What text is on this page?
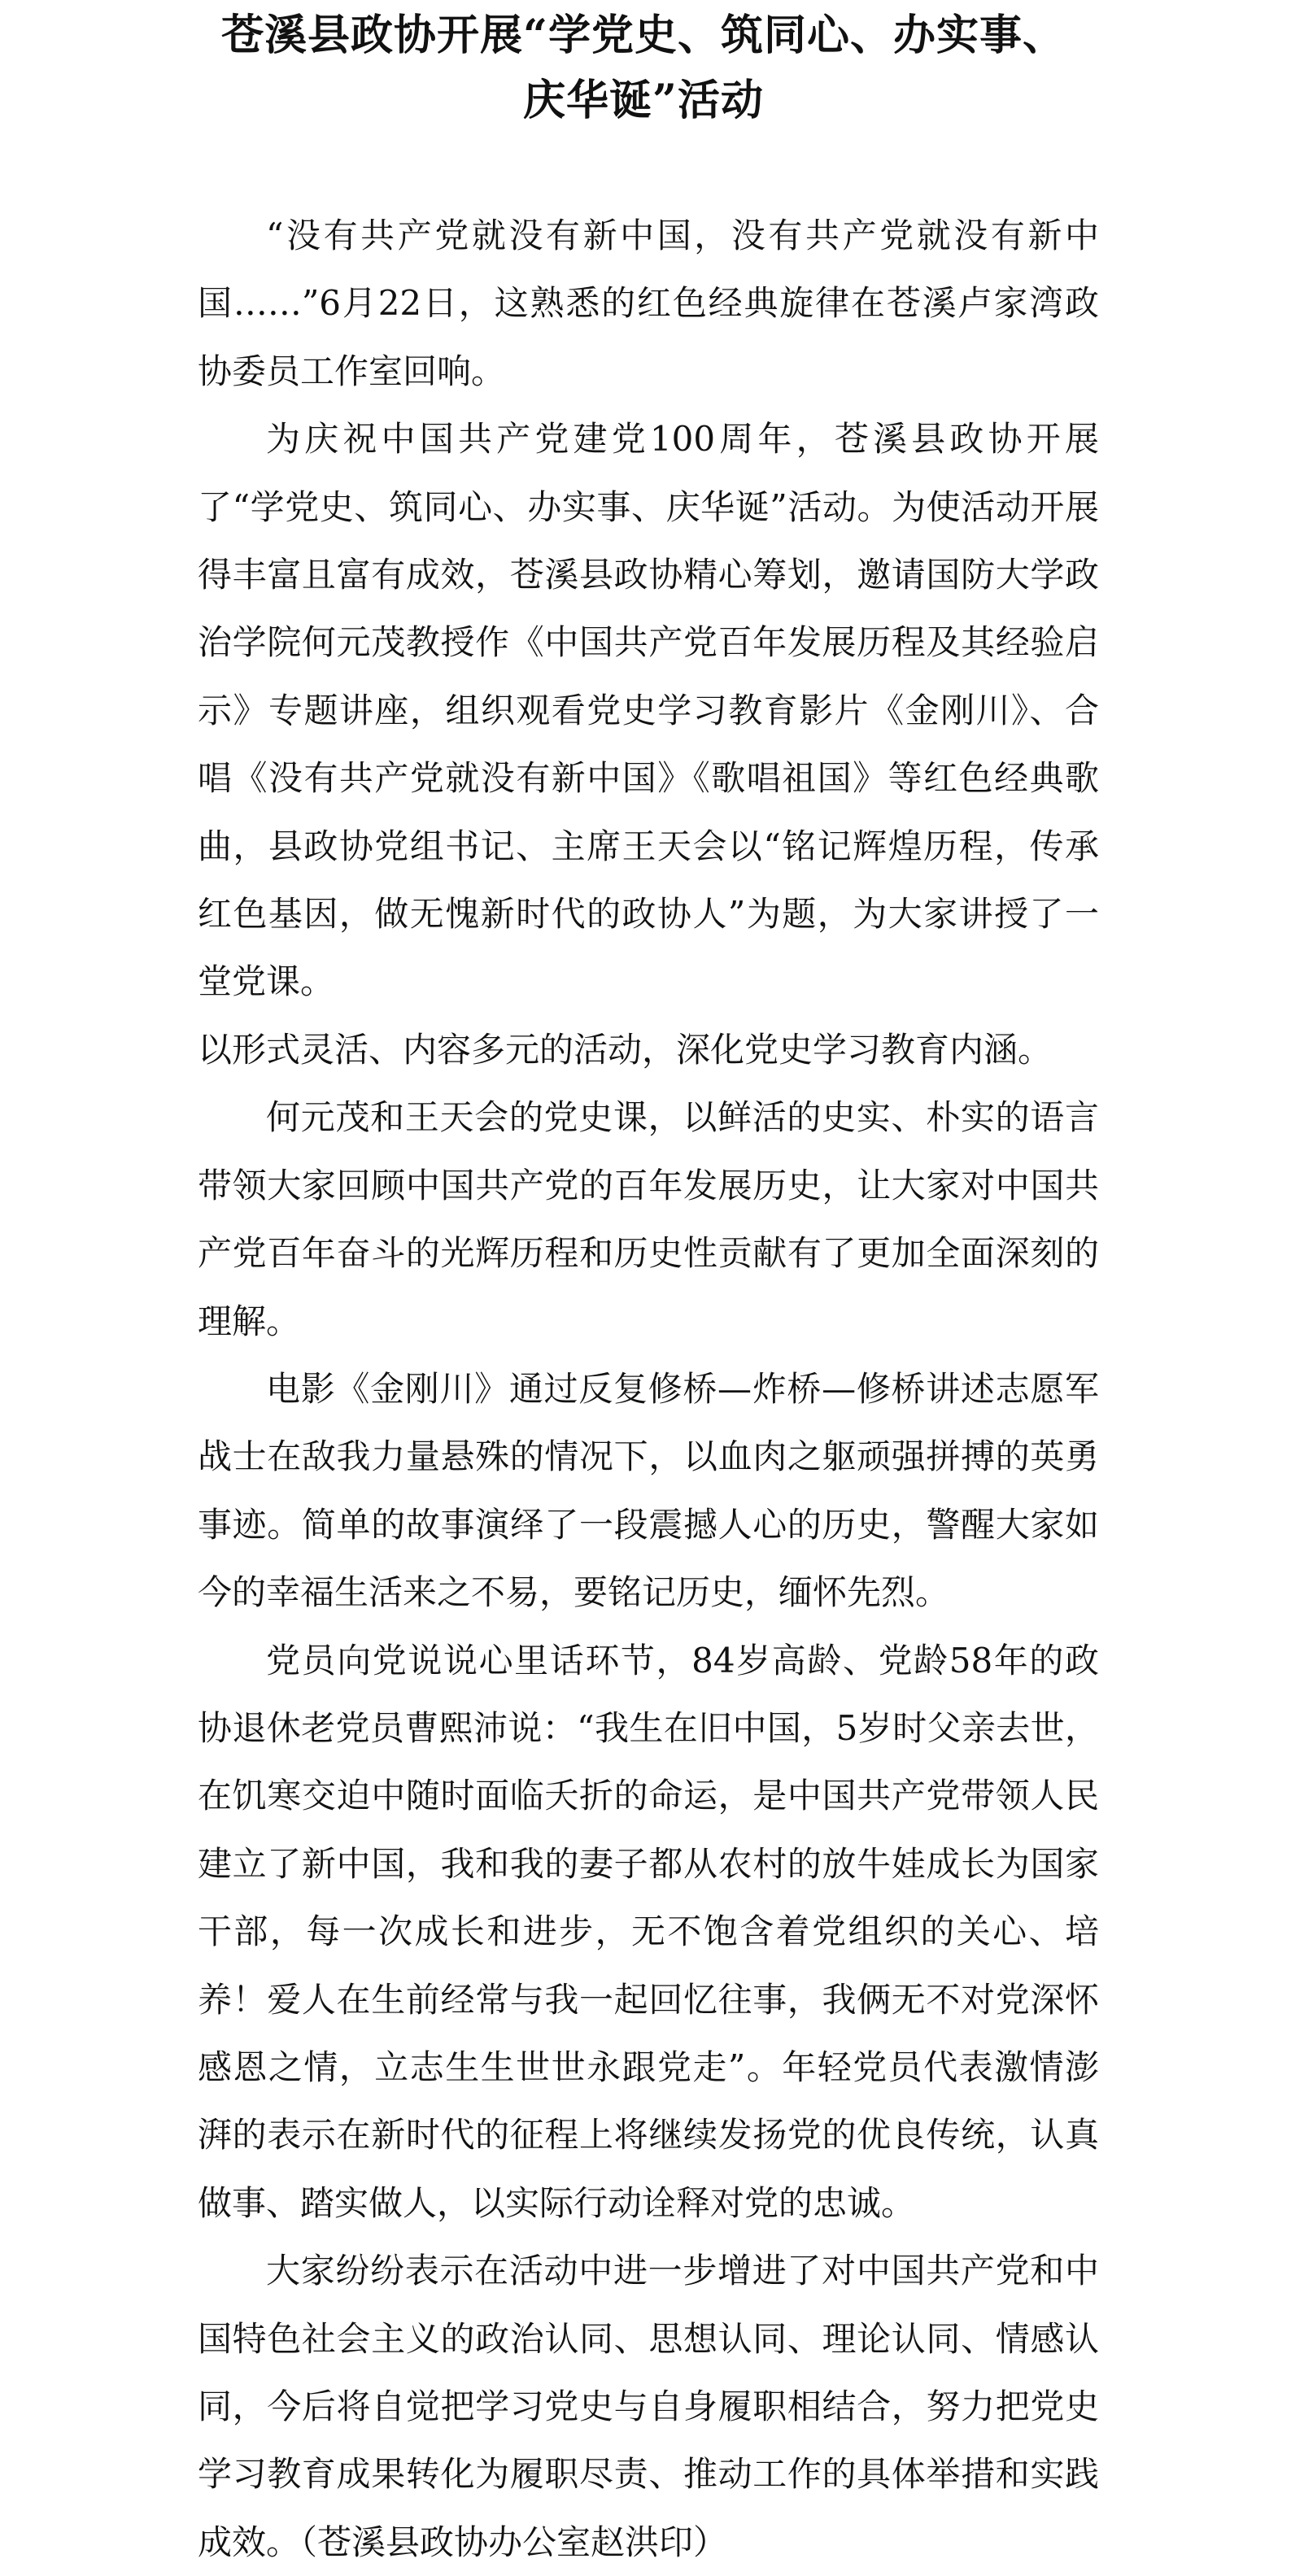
苍溪县政协开展“学党史、筑同心、办实事、
庆华诞”活动

“没有共产党就没有新中国，没有共产党就没有新中国……”6月22日，这熟悉的红色经典旋律在苍溪卢家湾政协委员工作室回响。

为庆祝中国共产党建党100周年，苍溪县政协开展了“学党史、筑同心、办实事、庆华诞”活动。为使活动开展得丰富且富有成效，苍溪县政协精心筹划，邀请国防大学政治学院何元茂教授作《中国共产党百年发展历程及其经验启示》专题讲座，组织观看党史学习教育影片《金刚川》、合唱《没有共产党就没有新中国》《歌唱祖国》等红色经典歌曲，县政协党组书记、主席王天会以“铭记辉煌历程，传承红色基因，做无愧新时代的政协人”为题，为大家讲授了一堂党课。

以形式灵活、内容多元的活动，深化党史学习教育内涵。

何元茂和王天会的党史课，以鲜活的史实、朴实的语言带领大家回顾中国共产党的百年发展历史，让大家对中国共产党百年奋斗的光辉历程和历史性贡献有了更加全面深刻的理解。

电影《金刚川》通过反复修桥—炸桥—修桥讲述志愿军战士在敌我力量悬殊的情况下，以血肉之躯顽强拼搏的英勇事迹。简单的故事演绎了一段震撼人心的历史，警醒大家如今的幸福生活来之不易，要铭记历史，缅怀先烈。

党员向党说说心里话环节，84岁高龄、党龄58年的政协退休老党员曹熙沛说：“我生在旧中国，5岁时父亲去世，在饥寒交迫中随时面临夭折的命运，是中国共产党带领人民建立了新中国，我和我的妻子都从农村的放牛娃成长为国家干部，每一次成长和进步，无不饱含着党组织的关心、培养！爱人在生前经常与我一起回忆往事，我俩无不对党深怀感恩之情，立志生生世世永跟党走”。年轻党员代表激情澎湃的表示在新时代的征程上将继续发扬党的优良传统，认真做事、踏实做人，以实际行动诠释对党的忠诚。

大家纷纷表示在活动中进一步增进了对中国共产党和中国特色社会主义的政治认同、思想认同、理论认同、情感认同，今后将自觉把学习党史与自身履职相结合，努力把党史学习教育成果转化为履职尽责、推动工作的具体举措和实践成效。（苍溪县政协办公室赵洪印）
